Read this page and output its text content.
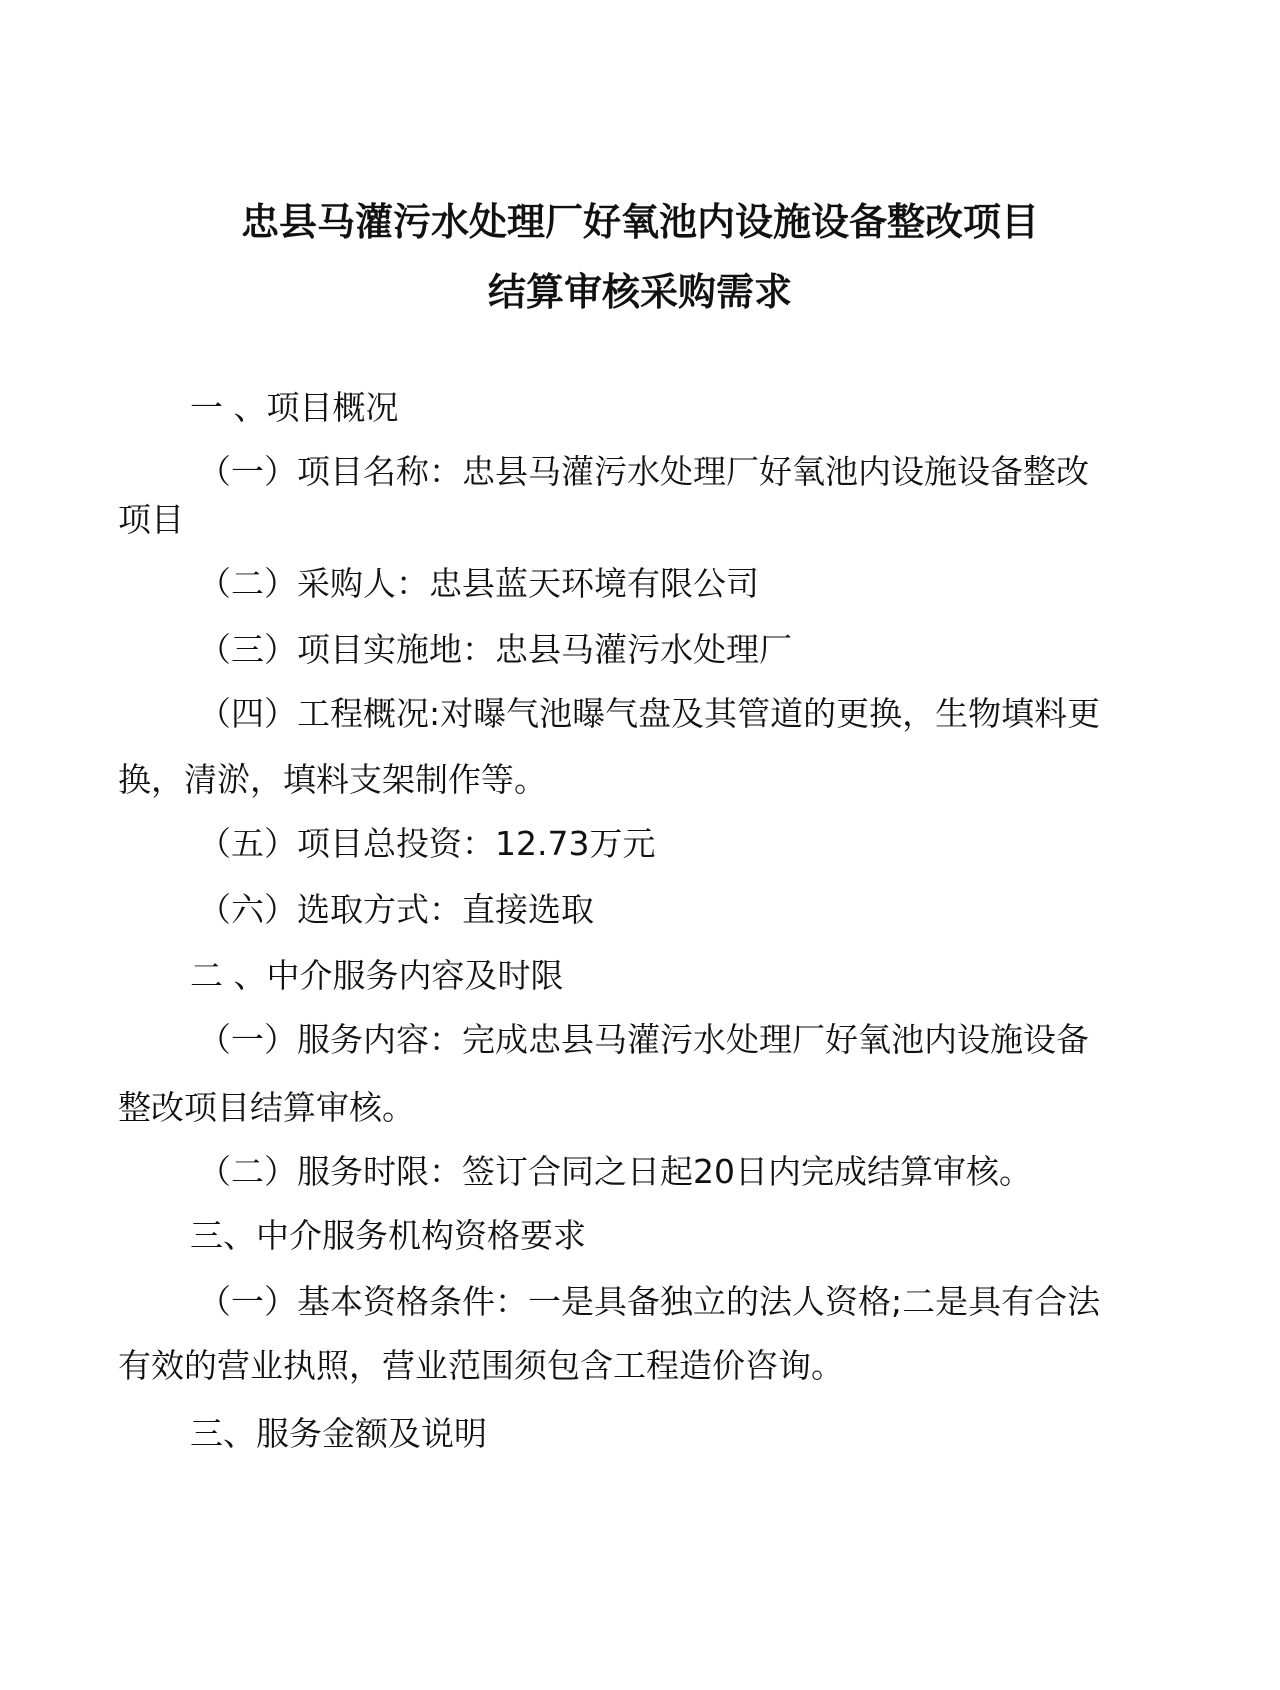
忠县马灌污水处理厂好氧池内设施设备整改项目
结算审核采购需求
一 、项目概况
（一）项目名称：忠县马灌污水处理厂好氧池内设施设备整改
项目
（二）采购人：忠县蓝天环境有限公司
（三）项目实施地：忠县马灌污水处理厂
（四）工程概况:对曝气池曝气盘及其管道的更换，生物填料更
换，清淤，填料支架制作等。
（五）项目总投资：12.73万元
（六）选取方式：直接选取
二 、中介服务内容及时限
（一）服务内容：完成忠县马灌污水处理厂好氧池内设施设备
整改项目结算审核。
（二）服务时限：签订合同之日起20日内完成结算审核。
三、中介服务机构资格要求
（一）基本资格条件：一是具备独立的法人资格;二是具有合法
有效的营业执照，营业范围须包含工程造价咨询。
三、服务金额及说明
